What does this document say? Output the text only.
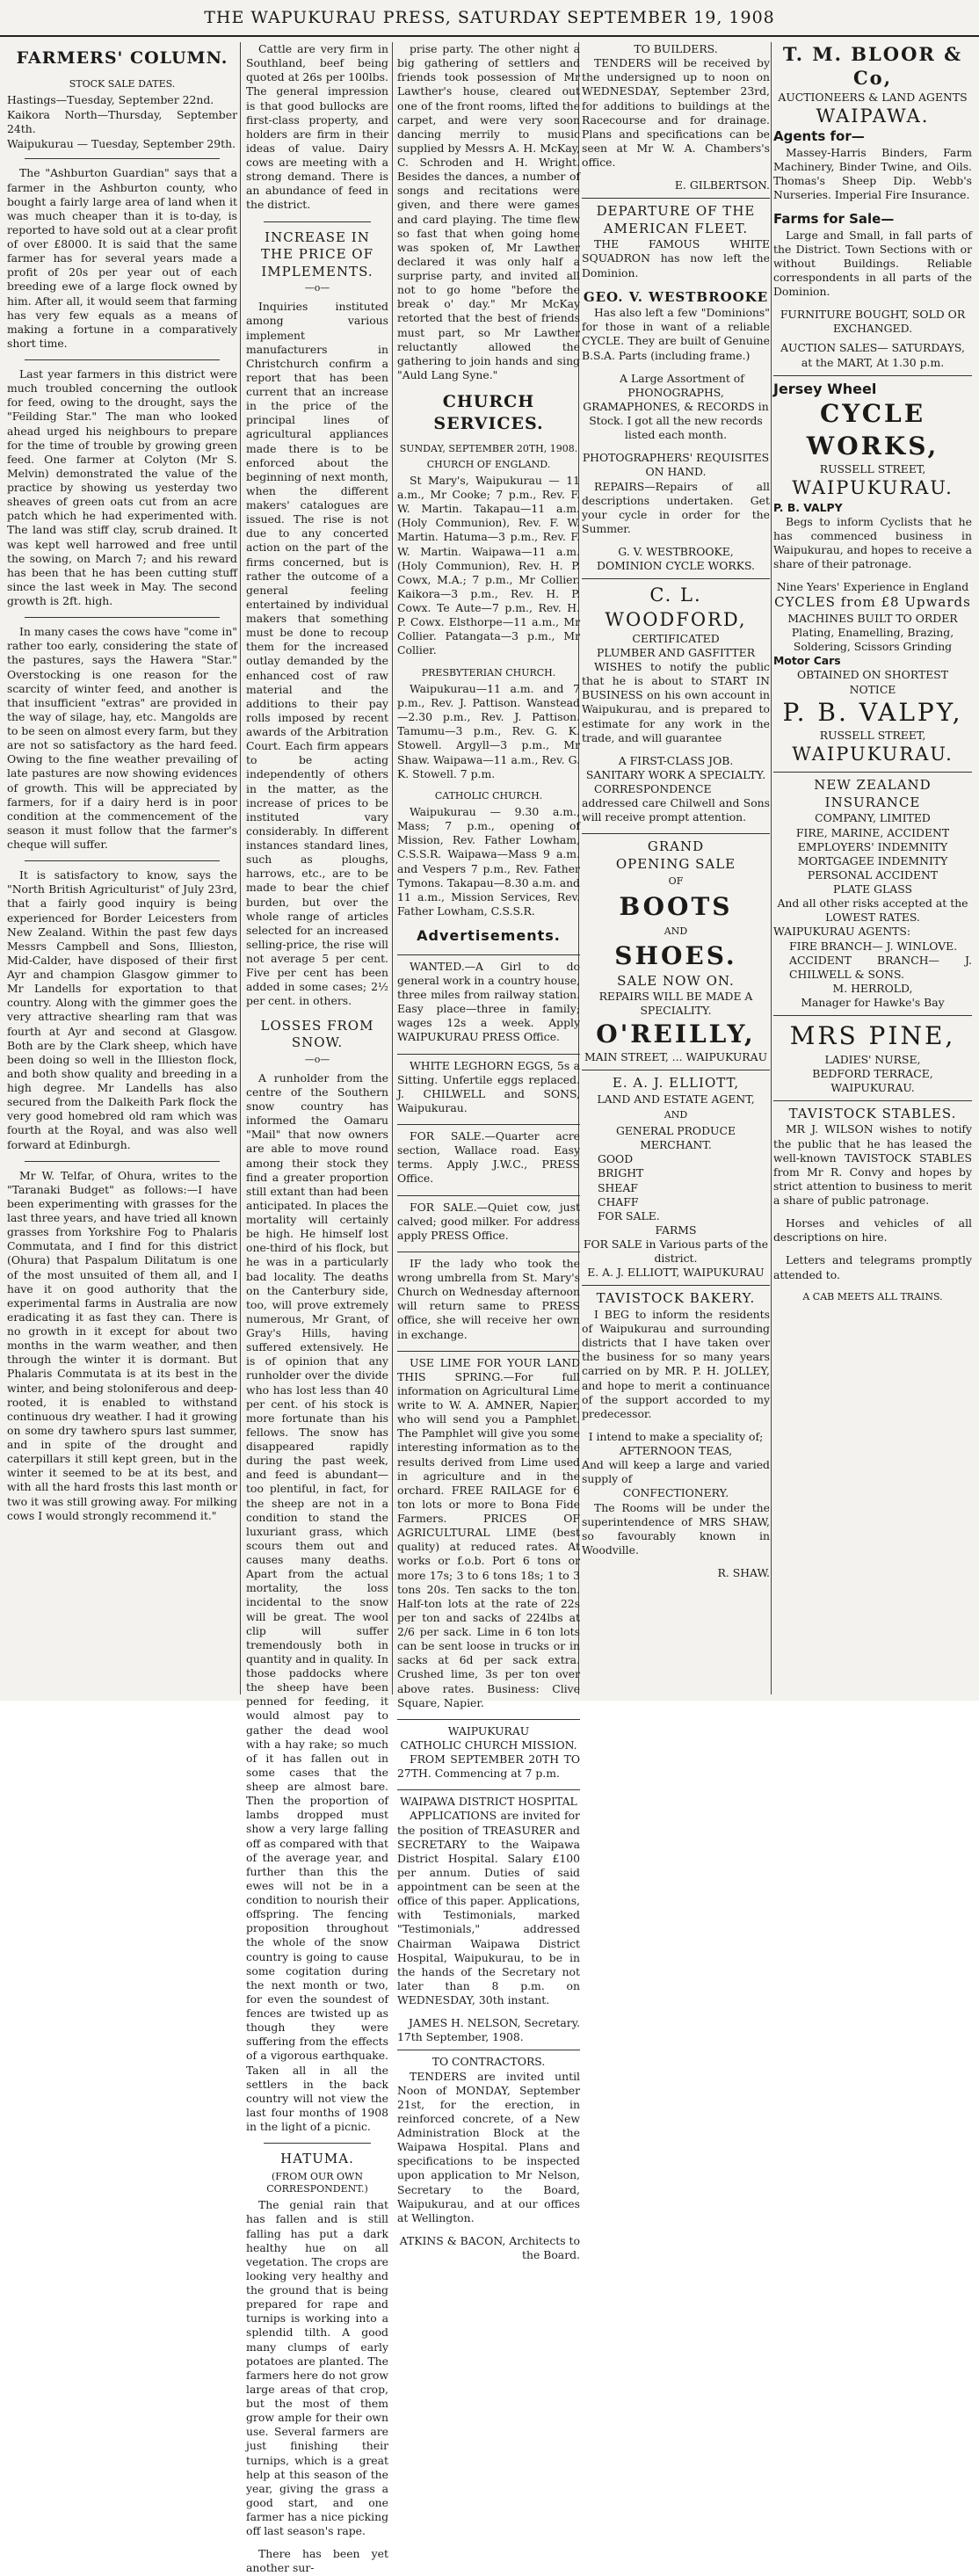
THE WAPUKURAU PRESS, SATURDAY SEPTEMBER 19, 1908
FARMERS' COLUMN.
STOCK SALE DATES.
Hastings—Tuesday, September 22nd.
Kaikora North—Thursday, September 24th.
Waipukurau — Tuesday, September 29th.

The "Ashburton Guardian" says that a farmer in the Ashburton county, who bought a fairly large area of land when it was much cheaper than it is to-day, is reported to have sold out at a clear profit of over £8000. It is said that the same farmer has for several years made a profit of 20s per year out of each breeding ewe of a large flock owned by him. After all, it would seem that farming has very few equals as a means of making a fortune in a comparatively short time.

Last year farmers in this district were much troubled concerning the outlook for feed, owing to the drought, says the "Feilding Star." The man who looked ahead urged his neighbours to prepare for the time of trouble by growing green feed. One farmer at Colyton (Mr S. Melvin) demonstrated the value of the practice by showing us yesterday two sheaves of green oats cut from an acre patch which he had experimented with. The land was stiff clay, scrub drained. It was kept well harrowed and free until the sowing, on March 7; and his reward has been that he has been cutting stuff since the last week in May. The second growth is 2ft. high.

In many cases the cows have "come in" rather too early, considering the state of the pastures, says the Hawera "Star." Overstocking is one reason for the scarcity of winter feed, and another is that insufficient "extras" are provided in the way of silage, hay, etc. Mangolds are to be seen on almost every farm, but they are not so satisfactory as the hard feed. Owing to the fine weather prevailing of late pastures are now showing evidences of growth. This will be appreciated by farmers, for if a dairy herd is in poor condition at the commencement of the season it must follow that the farmer's cheque will suffer.

It is satisfactory to know, says the "North British Agriculturist" of July 23rd, that a fairly good inquiry is being experienced for Border Leicesters from New Zealand. Within the past few days Messrs Campbell and Sons, Illieston, Mid-Calder, have disposed of their first Ayr and champion Glasgow gimmer to Mr Landells for exportation to that country. Along with the gimmer goes the very attractive shearling ram that was fourth at Ayr and second at Glasgow. Both are by the Clark sheep, which have been doing so well in the Illieston flock, and both show quality and breeding in a high degree. Mr Landells has also secured from the Dalkeith Park flock the very good homebred old ram which was fourth at the Royal, and was also well forward at Edinburgh.

Mr W. Telfar, of Ohura, writes to the "Taranaki Budget" as follows:—I have been experimenting with grasses for the last three years, and have tried all known grasses from Yorkshire Fog to Phalaris Commutata, and I find for this district (Ohura) that Paspalum Dilitatum is one of the most unsuited of them all, and I have it on good authority that the experimental farms in Australia are now eradicating it as fast they can. There is no growth in it except for about two months in the warm weather, and then through the winter it is dormant. But Phalaris Commutata is at its best in the winter, and being stoloniferous and deep-rooted, it is enabled to withstand continuous dry weather. I had it growing on some dry tawhero spurs last summer, and in spite of the drought and caterpillars it still kept green, but in the winter it seemed to be at its best, and with all the hard frosts this last month or two it was still growing away. For milking cows I would strongly recommend it."

Cattle are very firm in Southland, beef being quoted at 26s per 100lbs. The general impression is that good bullocks are first-class property, and holders are firm in their ideas of value. Dairy cows are meeting with a strong demand. There is an abundance of feed in the district.

INCREASE IN THE PRICE OF IMPLEMENTS.
—o—

Inquiries instituted among various implement manufacturers in Christchurch confirm a report that has been current that an increase in the price of the principal lines of agricultural appliances made there is to be enforced about the beginning of next month, when the different makers' catalogues are issued. The rise is not due to any concerted action on the part of the firms concerned, but is rather the outcome of a general feeling entertained by individual makers that something must be done to recoup them for the increased outlay demanded by the enhanced cost of raw material and the additions to their pay rolls imposed by recent awards of the Arbitration Court. Each firm appears to be acting independently of others in the matter, as the increase of prices to be instituted vary considerably. In different instances standard lines, such as ploughs, harrows, etc., are to be made to bear the chief burden, but over the whole range of articles selected for an increased selling-price, the rise will not average 5 per cent. Five per cent has been added in some cases; 2½ per cent. in others.

LOSSES FROM SNOW.
—o—

A runholder from the centre of the Southern snow country has informed the Oamaru "Mail" that now owners are able to move round among their stock they find a greater proportion still extant than had been anticipated. In places the mortality will certainly be high. He himself lost one-third of his flock, but he was in a particularly bad locality. The deaths on the Canterbury side, too, will prove extremely numerous, Mr Grant, of Gray's Hills, having suffered extensively. He is of opinion that any runholder over the divide who has lost less than 40 per cent. of his stock is more fortunate than his fellows. The snow has disappeared rapidly during the past week, and feed is abundant—too plentiful, in fact, for the sheep are not in a condition to stand the luxuriant grass, which scours them out and causes many deaths. Apart from the actual mortality, the loss incidental to the snow will be great. The wool clip will suffer tremendously both in quantity and in quality. In those paddocks where the sheep have been penned for feeding, it would almost pay to gather the dead wool with a hay rake; so much of it has fallen out in some cases that the sheep are almost bare. Then the proportion of lambs dropped must show a very large falling off as compared with that of the average year, and further than this the ewes will not be in a condition to nourish their offspring. The fencing proposition throughout the whole of the snow country is going to cause some cogitation during the next month or two, for even the soundest of fences are twisted up as though they were suffering from the effects of a vigorous earthquake. Taken all in all the settlers in the back country will not view the last four months of 1908 in the light of a picnic.

HATUMA.
(FROM OUR OWN CORRESPONDENT.)

The genial rain that has fallen and is still falling has put a dark healthy hue on all vegetation. The crops are looking very healthy and the ground that is being prepared for rape and turnips is working into a splendid tilth. A good many clumps of early potatoes are planted. The farmers here do not grow large areas of that crop, but the most of them grow ample for their own use. Several farmers are just finishing their turnips, which is a great help at this season of the year, giving the grass a good start, and one farmer has a nice picking off last season's rape.

There has been yet another sur-

prise party. The other night a big gathering of settlers and friends took possession of Mr Lawther's house, cleared out one of the front rooms, lifted the carpet, and were very soon dancing merrily to music supplied by Messrs A. H. McKay, C. Schroden and H. Wright. Besides the dances, a number of songs and recitations were given, and there were games and card playing. The time flew so fast that when going home was spoken of, Mr Lawther declared it was only half a surprise party, and invited all not to go home "before the break o' day." Mr McKay retorted that the best of friends must part, so Mr Lawther reluctantly allowed the gathering to join hands and sing "Auld Lang Syne."

CHURCH SERVICES.
SUNDAY, SEPTEMBER 20TH, 1908.
CHURCH OF ENGLAND.

St Mary's, Waipukurau — 11 a.m., Mr Cooke; 7 p.m., Rev. F. W. Martin. Takapau—11 a.m. (Holy Communion), Rev. F. W. Martin. Hatuma—3 p.m., Rev. F. W. Martin. Waipawa—11 a.m. (Holy Communion), Rev. H. P. Cowx, M.A.; 7 p.m., Mr Collier. Kaikora—3 p.m., Rev. H. P. Cowx. Te Aute—7 p.m., Rev. H. P. Cowx. Elsthorpe—11 a.m., Mr Collier. Patangata—3 p.m., Mr Collier.

PRESBYTERIAN CHURCH.

Waipukurau—11 a.m. and 7 p.m., Rev. J. Pattison. Wanstead—2.30 p.m., Rev. J. Pattison. Tamumu—3 p.m., Rev. G. K. Stowell. Argyll—3 p.m., Mr Shaw. Waipawa—11 a.m., Rev. G. K. Stowell. 7 p.m.

CATHOLIC CHURCH.

Waipukurau — 9.30 a.m., Mass; 7 p.m., opening of Mission, Rev. Father Lowham, C.S.S.R. Waipawa—Mass 9 a.m. and Vespers 7 p.m., Rev. Father Tymons. Takapau—8.30 a.m. and 11 a.m., Mission Services, Rev. Father Lowham, C.S.S.R.

Advertisements.

WANTED.—A Girl to do general work in a country house, three miles from railway station. Easy place—three in family; wages 12s a week. Apply WAIPUKURAU PRESS Office.

WHITE LEGHORN EGGS, 5s a Sitting. Unfertile eggs replaced. J. CHILWELL and SONS, Waipukurau.

FOR SALE.—Quarter acre section, Wallace road. Easy terms. Apply J.W.C., PRESS Office.

FOR SALE.—Quiet cow, just calved; good milker. For address apply PRESS Office.

IF the lady who took the wrong umbrella from St. Mary's Church on Wednesday afternoon will return same to PRESS office, she will receive her own in exchange.

USE LIME FOR YOUR LAND THIS SPRING.—For full information on Agricultural Lime write to W. A. AMNER, Napier, who will send you a Pamphlet. The Pamphlet will give you some interesting information as to the results derived from Lime used in agriculture and in the orchard. FREE RAILAGE for 6 ton lots or more to Bona Fide Farmers. PRICES OF AGRICULTURAL LIME (best quality) at reduced rates. At works or f.o.b. Port 6 tons or more 17s; 3 to 6 tons 18s; 1 to 3 tons 20s. Ten sacks to the ton. Half-ton lots at the rate of 22s per ton and sacks of 224lbs at 2/6 per sack. Lime in 6 ton lots can be sent loose in trucks or in sacks at 6d per sack extra. Crushed lime, 3s per ton over above rates. Business: Clive Square, Napier.

WAIPUKURAU
CATHOLIC CHURCH MISSION.

FROM SEPTEMBER 20TH TO 27TH. Commencing at 7 p.m.

WAIPAWA DISTRICT HOSPITAL

APPLICATIONS are invited for the position of TREASURER and SECRETARY to the Waipawa District Hospital. Salary £100 per annum. Duties of said appointment can be seen at the office of this paper. Applications, with Testimonials, marked "Testimonials," addressed Chairman Waipawa District Hospital, Waipukurau, to be in the hands of the Secretary not later than 8 p.m. on WEDNESDAY, 30th instant.

JAMES H. NELSON, Secretary.
17th September, 1908.
TO CONTRACTORS.

TENDERS are invited until Noon of MONDAY, September 21st, for the erection, in reinforced concrete, of a New Administration Block at the Waipawa Hospital. Plans and specifications to be inspected upon application to Mr Nelson, Secretary to the Board, Waipukurau, and at our offices at Wellington.

ATKINS & BACON, Architects to the Board.
TO BUILDERS.

TENDERS will be received by the undersigned up to noon on WEDNESDAY, September 23rd, for additions to buildings at the Racecourse and for drainage. Plans and specifications can be seen at Mr W. A. Chambers's office.

E. GILBERTSON.
DEPARTURE OF THE AMERICAN FLEET.

THE FAMOUS WHITE SQUADRON has now left the Dominion.

GEO. V. WESTBROOKE

Has also left a few "Dominions" for those in want of a reliable CYCLE. They are built of Genuine B.S.A. Parts (including frame.)

A Large Assortment of PHONOGRAPHS, GRAMAPHONES, & RECORDS in Stock. I got all the new records listed each month.

PHOTOGRAPHERS' REQUISITES ON HAND.

REPAIRS—Repairs of all descriptions undertaken. Get your cycle in order for the Summer.

G. V. WESTBROOKE,
DOMINION CYCLE WORKS.
C. L. WOODFORD,
CERTIFICATED
PLUMBER AND GASFITTER

WISHES to notify the public that he is about to START IN BUSINESS on his own account in Waipukurau, and is prepared to estimate for any work in the trade, and will guarantee

A FIRST-CLASS JOB.
SANITARY WORK A SPECIALTY.

CORRESPONDENCE addressed care Chilwell and Sons will receive prompt attention.

GRAND
OPENING SALE
OF
BOOTS
AND
SHOES.
SALE NOW ON.
REPAIRS WILL BE MADE A SPECIALITY.
O'REILLY,
MAIN STREET, ... WAIPUKURAU
E. A. J. ELLIOTT,
LAND AND ESTATE AGENT,
AND
GENERAL PRODUCE MERCHANT.
GOOD
BRIGHT
SHEAF
CHAFF
FOR SALE.
FARMS
FOR SALE in Various parts of the district.
E. A. J. ELLIOTT, WAIPUKURAU
TAVISTOCK BAKERY.

I BEG to inform the residents of Waipukurau and surrounding districts that I have taken over the business for so many years carried on by MR. P. H. JOLLEY, and hope to merit a continuance of the support accorded to my predecessor.

I intend to make a speciality of; AFTERNOON TEAS,
And will keep a large and varied supply of
CONFECTIONERY.

The Rooms will be under the superintendence of MRS SHAW, so favourably known in Woodville.

R. SHAW.
T. M. BLOOR & Co,
AUCTIONEERS & LAND AGENTS
WAIPAWA.
Agents for—

Massey-Harris Binders, Farm Machinery, Binder Twine, and Oils. Thomas's Sheep Dip. Webb's Nurseries. Imperial Fire Insurance.

Farms for Sale—

Large and Small, in fall parts of the District. Town Sections with or without Buildings. Reliable correspondents in all parts of the Dominion.

FURNITURE BOUGHT, SOLD OR EXCHANGED.
AUCTION SALES— SATURDAYS, at the MART, At 1.30 p.m.
Jersey Wheel
CYCLE WORKS,
RUSSELL STREET,
WAIPUKURAU.
P. B. VALPY

Begs to inform Cyclists that he has commenced business in Waipukurau, and hopes to receive a share of their patronage.

Nine Years' Experience in England
CYCLES from £8 Upwards
MACHINES BUILT TO ORDER
Plating, Enamelling, Brazing, Soldering, Scissors Grinding
Motor Cars
OBTAINED ON SHORTEST NOTICE
P. B. VALPY,
RUSSELL STREET,
WAIPUKURAU.
NEW ZEALAND INSURANCE
COMPANY, LIMITED
FIRE, MARINE, ACCIDENT
EMPLOYERS' INDEMNITY
MORTGAGEE INDEMNITY
PERSONAL ACCIDENT
PLATE GLASS
And all other risks accepted at the LOWEST RATES.
WAIPUKURAU AGENTS:
FIRE BRANCH— J. WINLOVE.
ACCIDENT BRANCH— J. CHILWELL & SONS.
M. HERROLD,
Manager for Hawke's Bay
MRS PINE,
LADIES' NURSE,
BEDFORD TERRACE,
WAIPUKURAU.
TAVISTOCK STABLES.

MR J. WILSON wishes to notify the public that he has leased the well-known TAVISTOCK STABLES from Mr R. Convy and hopes by strict attention to business to merit a share of public patronage.

Horses and vehicles of all descriptions on hire.

Letters and telegrams promptly attended to.

A CAB MEETS ALL TRAINS.
